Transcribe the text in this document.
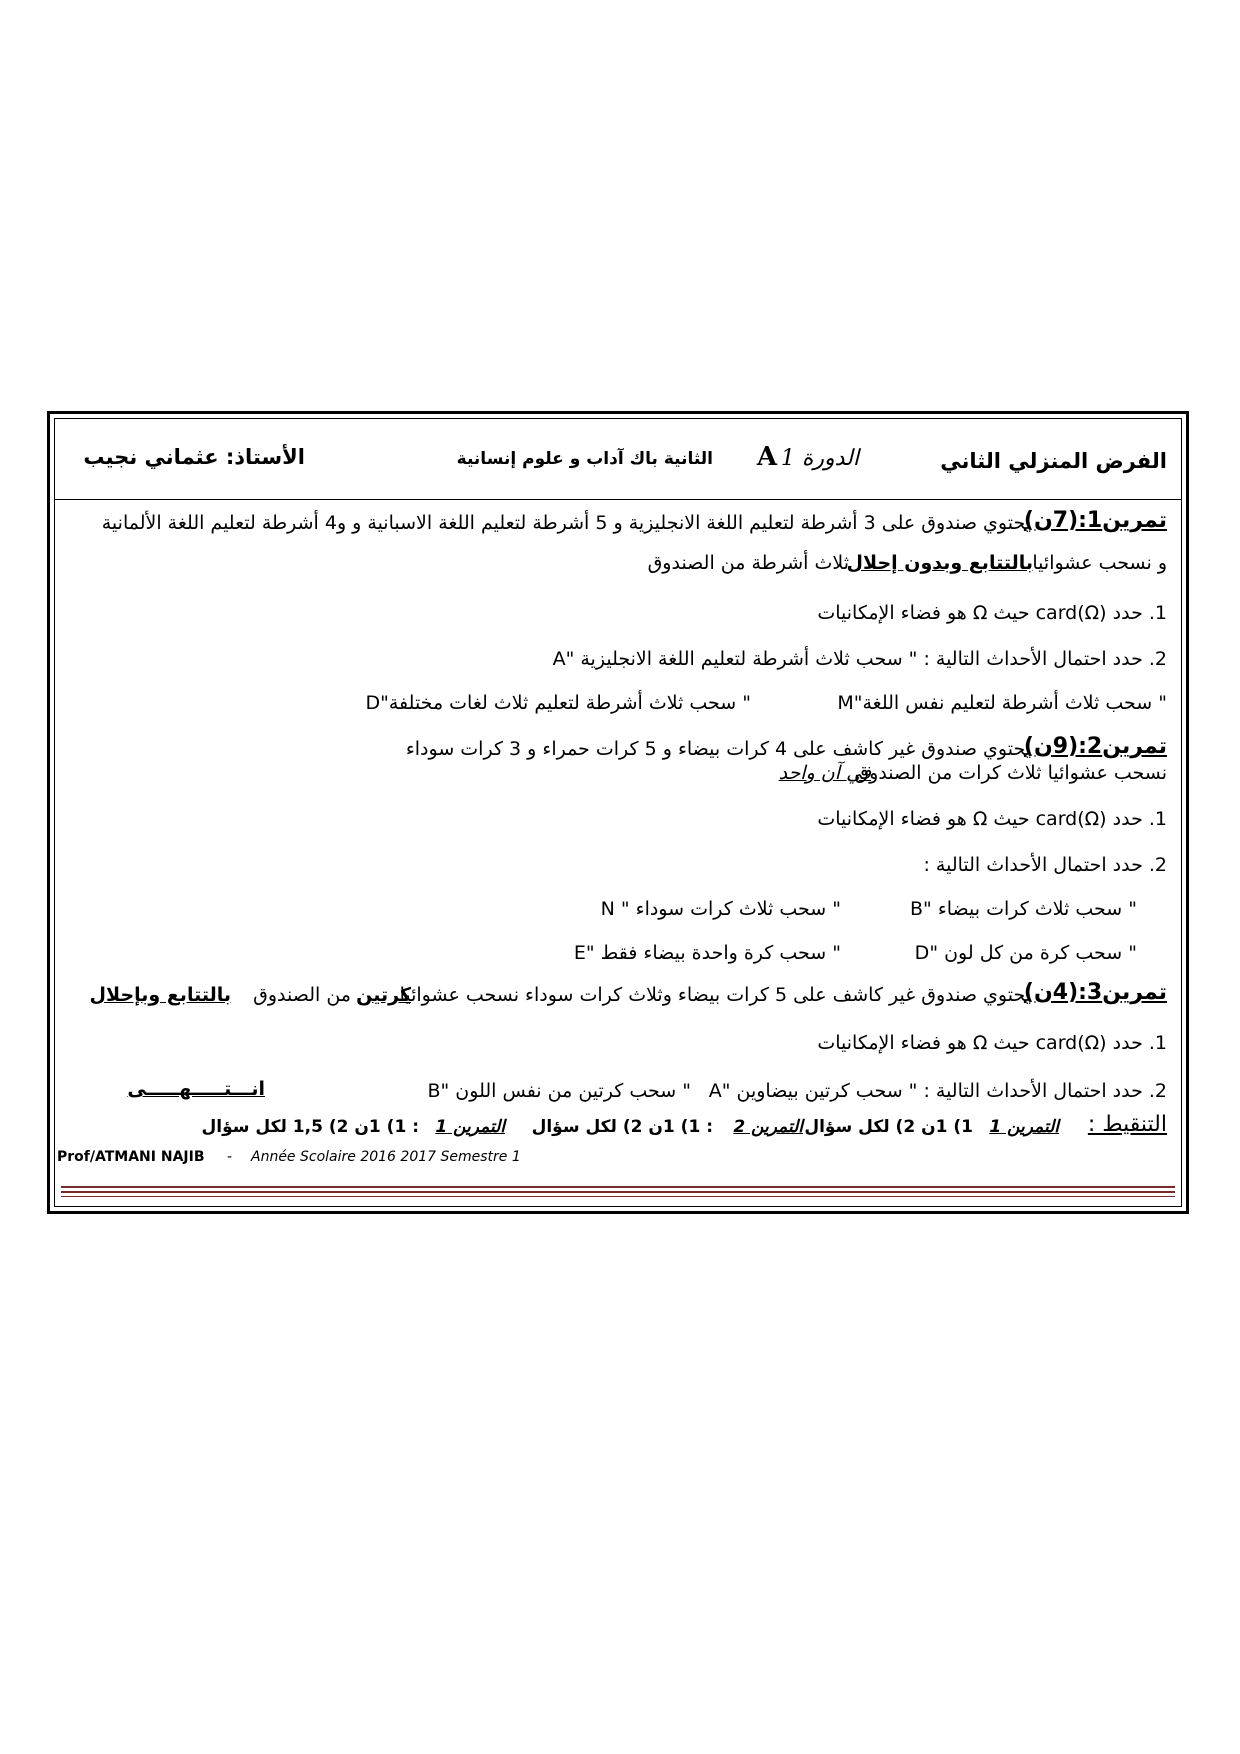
الفرض المنزلي الثاني
الدورة 1
A
الثانية باك آداب و علوم إنسانية
الأستاذ: عثماني نجيب
تمرين1:(7ن)
يحتوي صندوق على 3 أشرطة لتعليم اللغة الانجليزية و 5 أشرطة لتعليم اللغة الاسبانية و و4 أشرطة لتعليم اللغة الألمانية
و نسحب عشوائيا
بالتتابع وبدون إحلال
ثلاث أشرطة من الصندوق
1. حدد card(Ω) حيث Ω هو فضاء الإمكانيات
2. حدد احتمال الأحداث التالية : " سحب ثلاث أشرطة لتعليم اللغة الانجليزية "A
" سحب ثلاث أشرطة لتعليم نفس اللغة"M
" سحب ثلاث أشرطة لتعليم ثلاث لغات مختلفة"D
تمرين2:(9ن)
يحتوي صندوق غير كاشف على 4 كرات بيضاء و 5 كرات حمراء و 3 كرات سوداء
نسحب عشوائيا ثلاث كرات من الصندوق
في آن واحد
1. حدد card(Ω) حيث Ω هو فضاء الإمكانيات
2. حدد احتمال الأحداث التالية :
" سحب ثلاث كرات بيضاء "B
" سحب ثلاث كرات سوداء " N
" سحب كرة من كل لون "D
" سحب كرة واحدة بيضاء فقط "E
تمرين3:(4ن)
يحتوي صندوق غير كاشف على 5 كرات بيضاء وثلاث كرات سوداء نسحب عشوائيا
كرتين
من الصندوق
بالتتابع وبإحلال
1. حدد card(Ω) حيث Ω هو فضاء الإمكانيات
2. حدد احتمال الأحداث التالية : " سحب كرتين بيضاوين "A
" سحب كرتين من نفس اللون "B
انـــتـــــهـــــى
التنقيط :
التمرين 1
1) 1ن 2) لكل سؤال
التمرين 2
: 1) 1ن 2) لكل سؤال
التمرين 1
: 1) 1ن 2) 1,5 لكل سؤال
Prof/ATMANI NAJIB - Année Scolaire 2016 2017 Semestre 1
